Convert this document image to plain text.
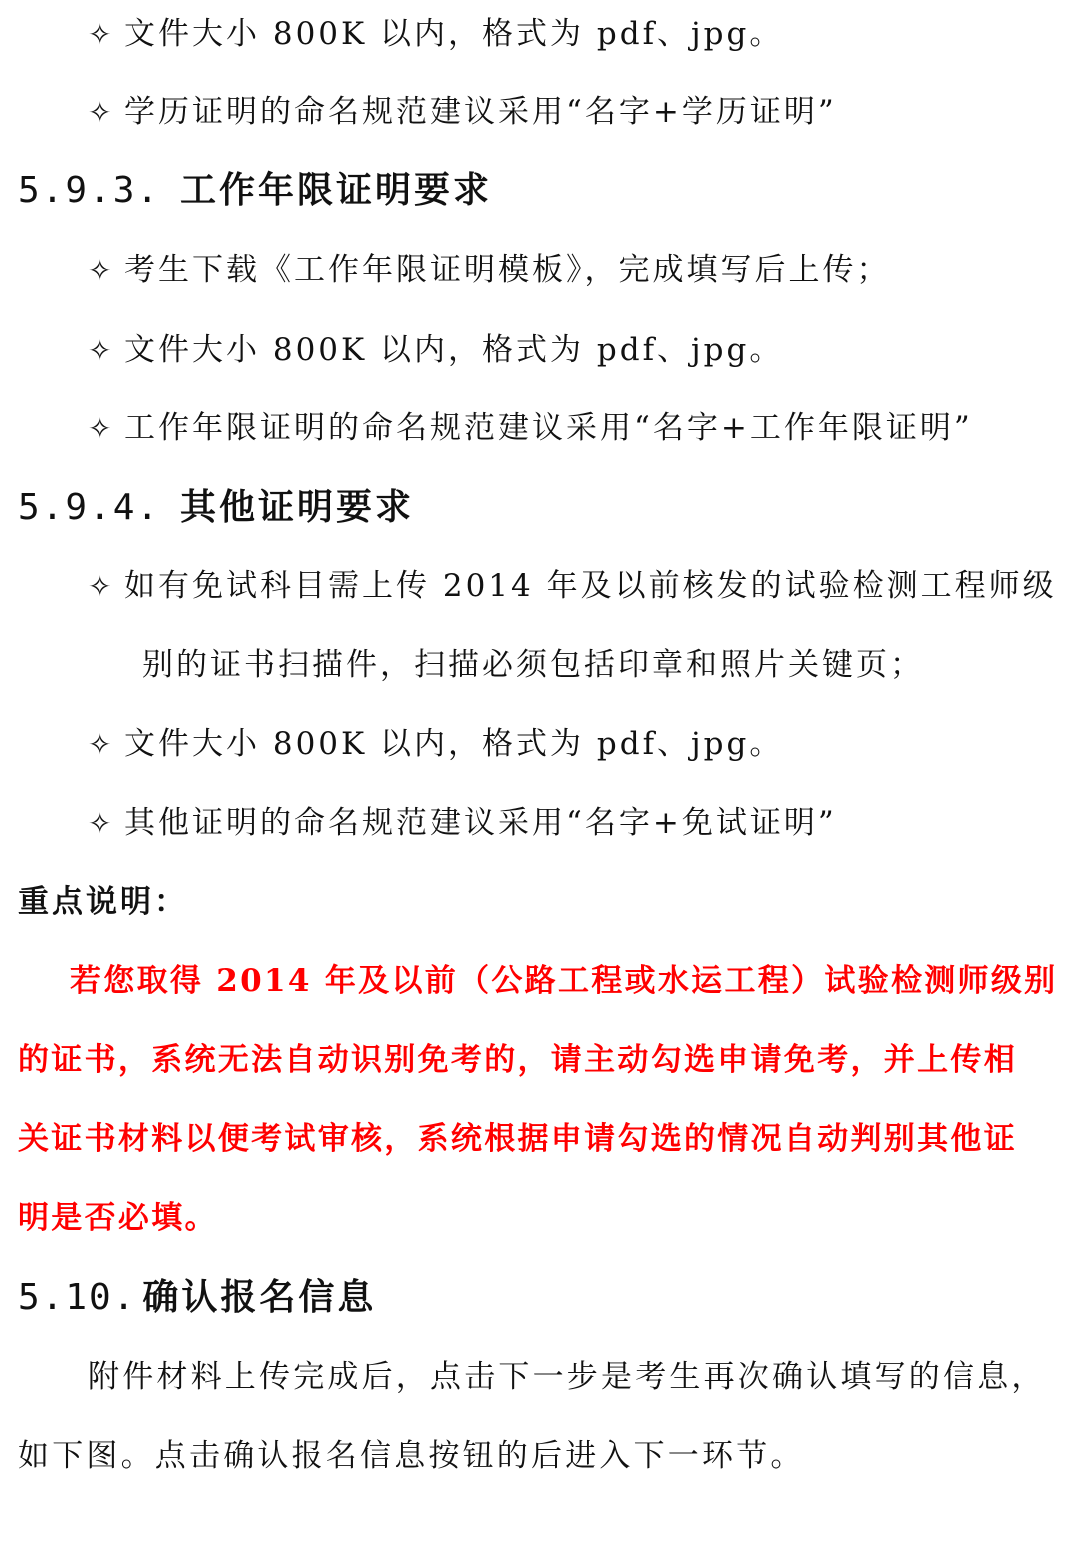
✧ 文件大小 800K 以内，格式为 pdf、jpg。
✧ 学历证明的命名规范建议采用“名字+学历证明”
5.9.3. 工作年限证明要求
✧ 考生下载《工作年限证明模板》，完成填写后上传；
✧ 文件大小 800K 以内，格式为 pdf、jpg。
✧ 工作年限证明的命名规范建议采用“名字+工作年限证明”
5.9.4. 其他证明要求
✧ 如有免试科目需上传 2014 年及以前核发的试验检测工程师级
别的证书扫描件，扫描必须包括印章和照片关键页；
✧ 文件大小 800K 以内，格式为 pdf、jpg。
✧ 其他证明的命名规范建议采用“名字+免试证明”
重点说明：
若您取得 2014 年及以前（公路工程或水运工程）试验检测师级别
的证书，系统无法自动识别免考的，请主动勾选申请免考，并上传相
关证书材料以便考试审核，系统根据申请勾选的情况自动判别其他证
明是否必填。
5.10. 确认报名信息
附件材料上传完成后，点击下一步是考生再次确认填写的信息，
如下图。点击确认报名信息按钮的后进入下一环节。
